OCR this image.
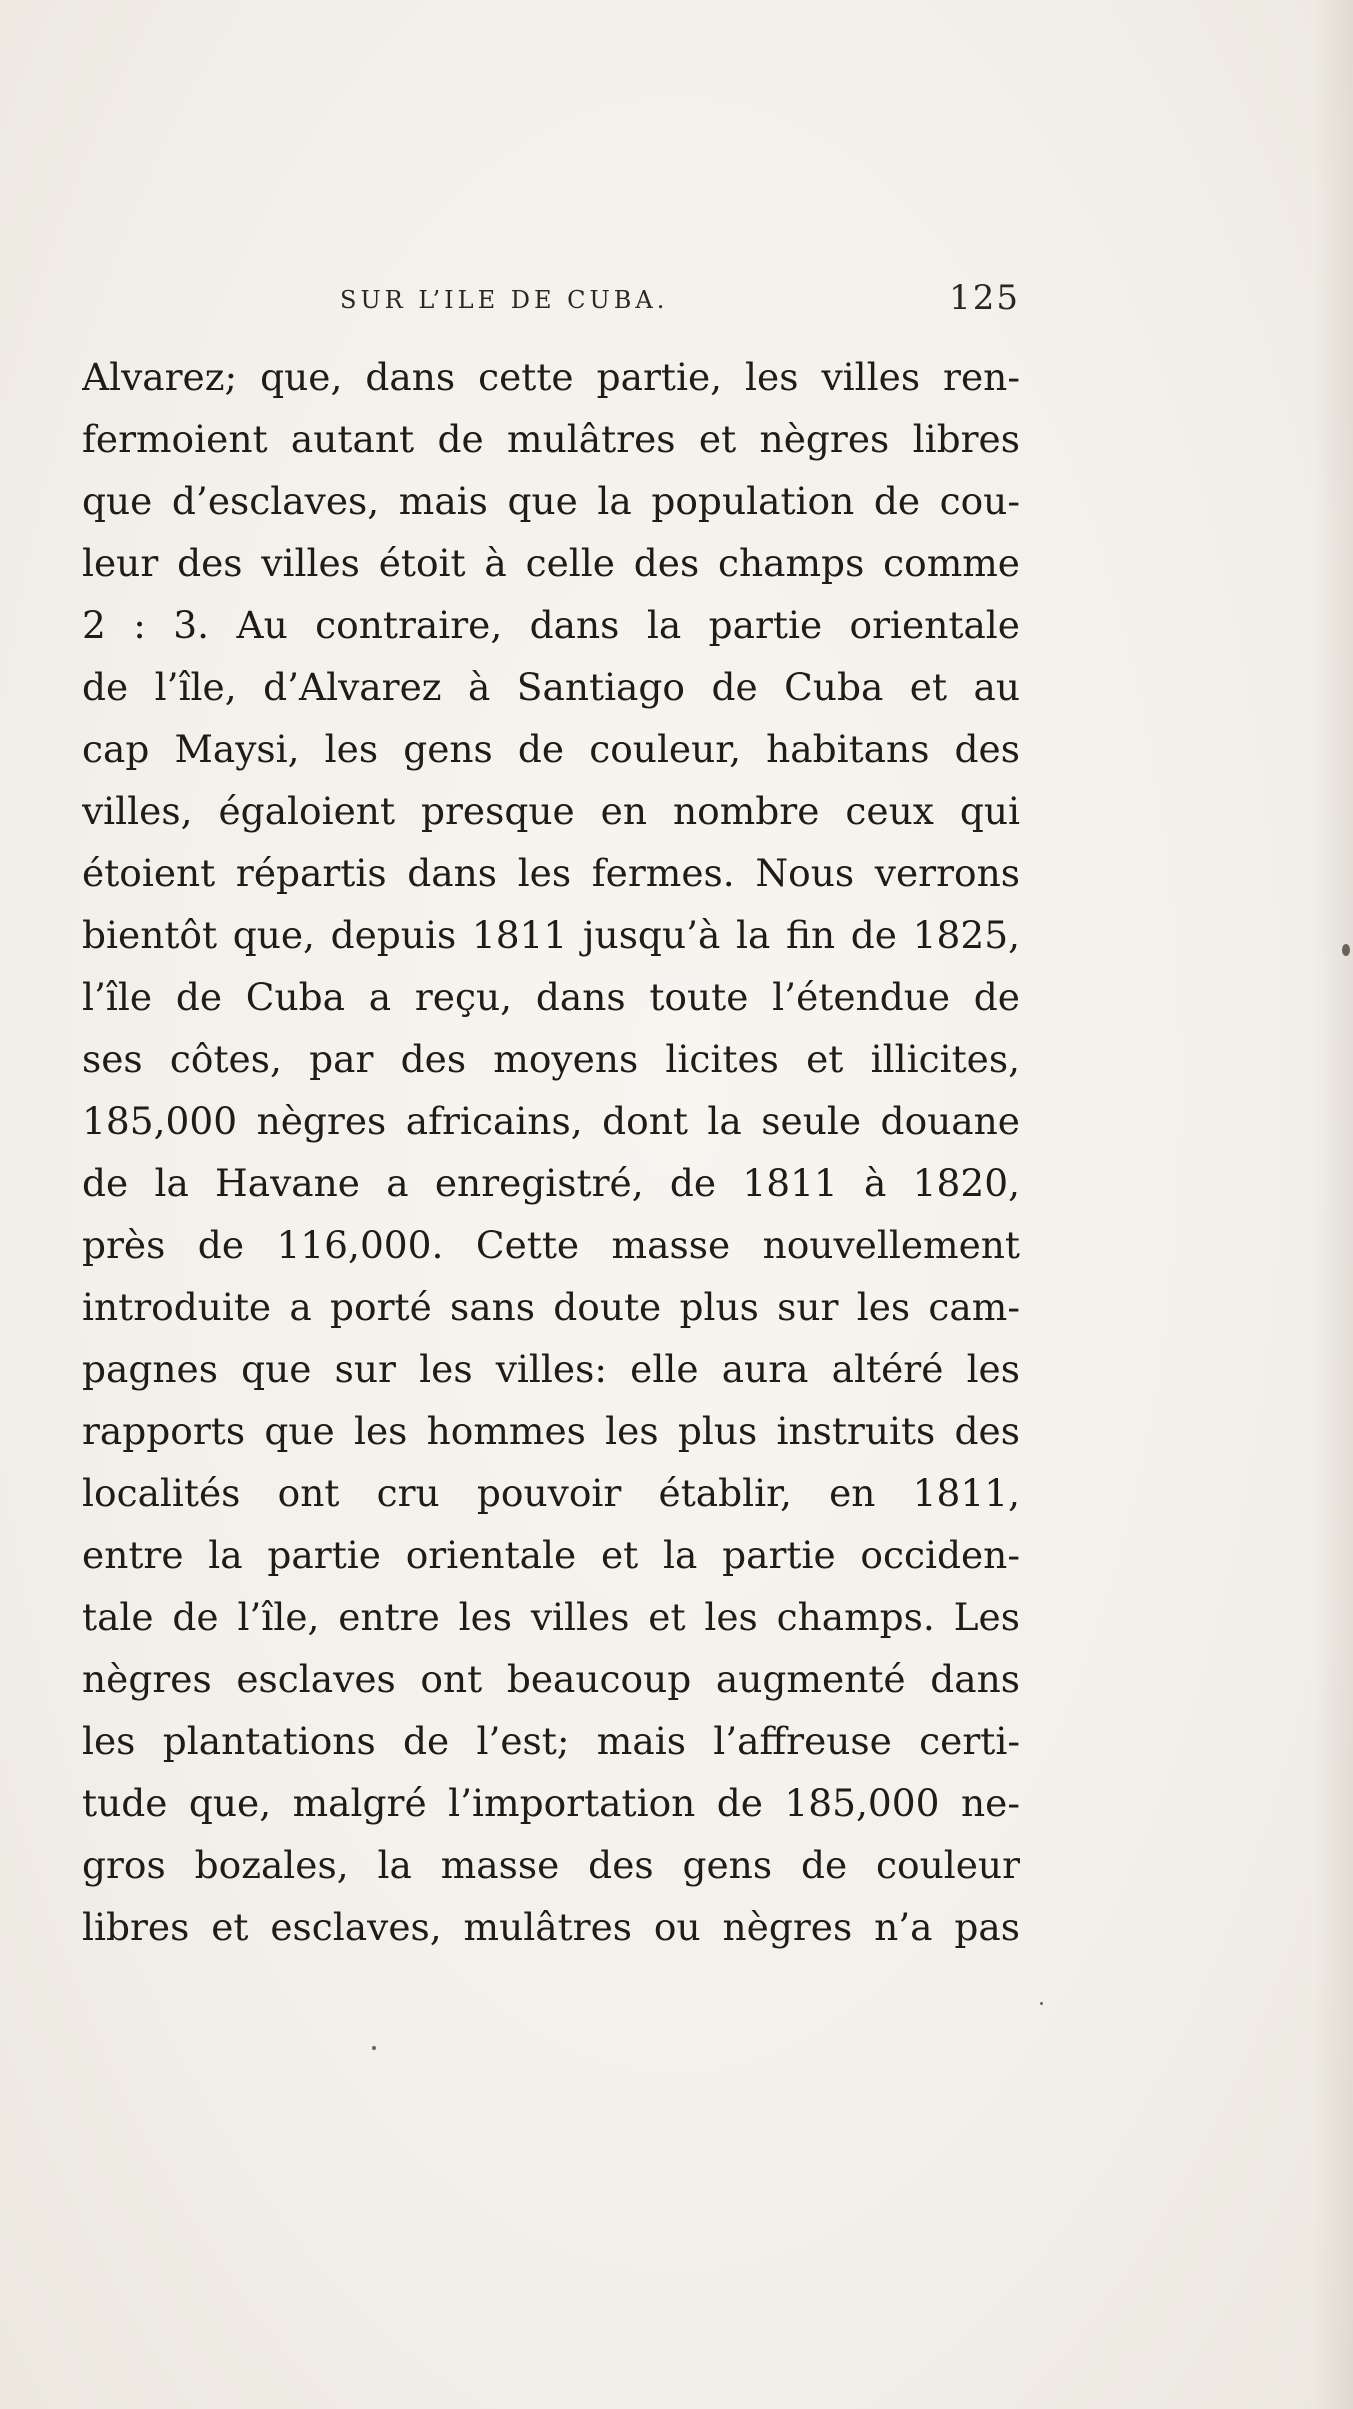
SUR L’ILE DE CUBA.	125
Alvarez; que, dans cette partie, les villes ren-
fermoient autant de mulâtres et nègres libres
que d’esclaves, mais que la population de cou-
leur des villes étoit à celle des champs comme
2 : 3. Au contraire, dans la partie orientale
de l’île, d’Alvarez à Santiago de Cuba et au
cap Maysi, les gens de couleur, habitans des
villes, égaloient presque en nombre ceux qui
étoient répartis dans les fermes. Nous verrons
bientôt que, depuis 1811 jusqu’à la fin de 1825,
l’île de Cuba a reçu, dans toute l’étendue de
ses côtes, par des moyens licites et illicites,
185,000 nègres africains, dont la seule douane
de la Havane a enregistré, de 1811 à 1820,
près de 116,000. Cette masse nouvellement
introduite a porté sans doute plus sur les cam-
pagnes que sur les villes: elle aura altéré les
rapports que les hommes les plus instruits des
localités ont cru pouvoir établir, en 1811,
entre la partie orientale et la partie occiden-
tale de l’île, entre les villes et les champs. Les
nègres esclaves ont beaucoup augmenté dans
les plantations de l’est; mais l’affreuse certi-
tude que, malgré l’importation de 185,000 ne-
gros bozales, la masse des gens de couleur
libres et esclaves, mulâtres ou nègres n’a pas
